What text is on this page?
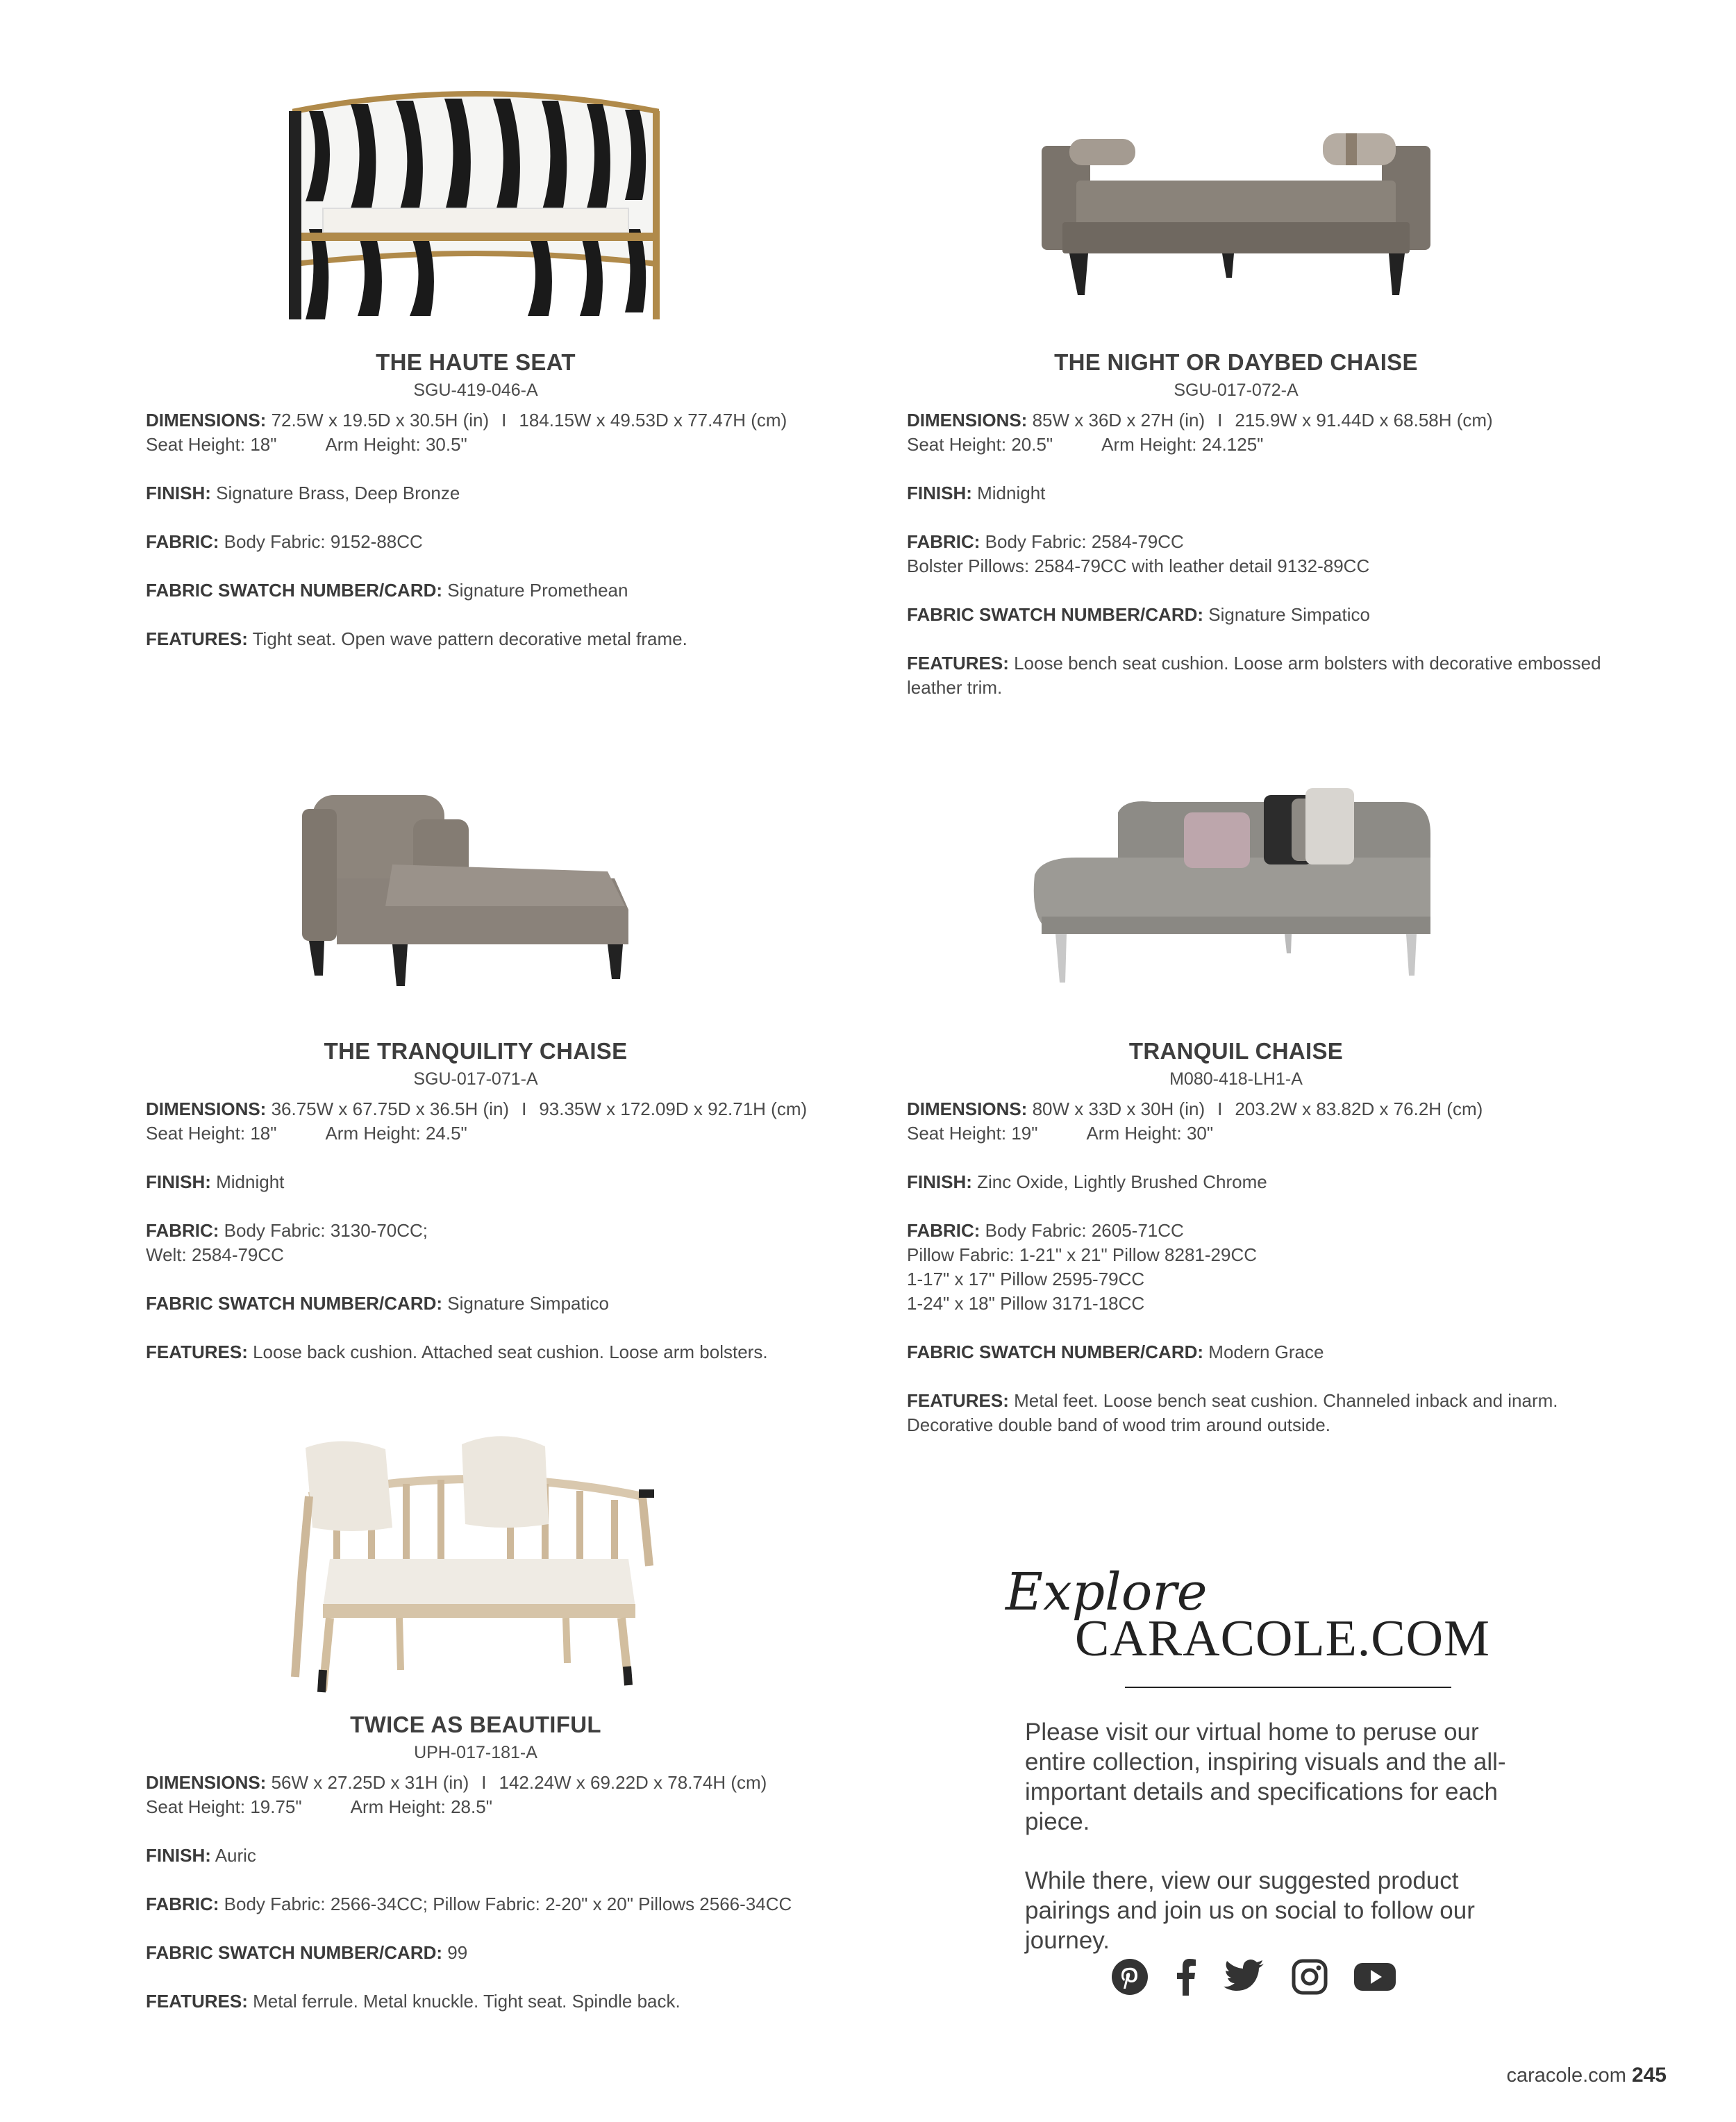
THE HAUTE SEAT
SGU-419-046-A

DIMENSIONS: 72.5W x 19.5D x 30.5H (in) I 184.15W x 49.53D x 77.47H (cm)
Seat Height: 18"	Arm Height: 30.5"

FINISH: Signature Brass, Deep Bronze

FABRIC: Body Fabric: 9152-88CC

FABRIC SWATCH NUMBER/CARD: Signature Promethean

FEATURES: Tight seat. Open wave pattern decorative metal frame.

THE NIGHT OR DAYBED CHAISE
SGU-017-072-A

DIMENSIONS: 85W x 36D x 27H (in) I 215.9W x 91.44D x 68.58H (cm)
Seat Height: 20.5"	Arm Height: 24.125"

FINISH: Midnight

FABRIC: Body Fabric: 2584-79CC
Bolster Pillows: 2584-79CC with leather detail 9132-89CC

FABRIC SWATCH NUMBER/CARD: Signature Simpatico

FEATURES: Loose bench seat cushion. Loose arm bolsters with decorative embossed leather trim.

THE TRANQUILITY CHAISE
SGU-017-071-A

DIMENSIONS: 36.75W x 67.75D x 36.5H (in) I 93.35W x 172.09D x 92.71H (cm)
Seat Height: 18"	Arm Height: 24.5"

FINISH: Midnight

FABRIC: Body Fabric: 3130-70CC;
Welt: 2584-79CC

FABRIC SWATCH NUMBER/CARD: Signature Simpatico

FEATURES: Loose back cushion. Attached seat cushion. Loose arm bolsters.

TRANQUIL CHAISE
M080-418-LH1-A

DIMENSIONS: 80W x 33D x 30H (in) I 203.2W x 83.82D x 76.2H (cm)
Seat Height: 19"	Arm Height: 30"

FINISH: Zinc Oxide, Lightly Brushed Chrome

FABRIC: Body Fabric: 2605-71CC
Pillow Fabric: 1-21" x 21" Pillow 8281-29CC
1-17" x 17" Pillow 2595-79CC
1-24" x 18" Pillow 3171-18CC

FABRIC SWATCH NUMBER/CARD: Modern Grace

FEATURES: Metal feet. Loose bench seat cushion. Channeled inback and inarm. Decorative double band of wood trim around outside.

TWICE AS BEAUTIFUL
UPH-017-181-A

DIMENSIONS: 56W x 27.25D x 31H (in) I 142.24W x 69.22D x 78.74H (cm)
Seat Height: 19.75"	Arm Height: 28.5"

FINISH: Auric

FABRIC: Body Fabric: 2566-34CC; Pillow Fabric: 2-20" x 20" Pillows 2566-34CC

FABRIC SWATCH NUMBER/CARD: 99

FEATURES: Metal ferrule. Metal knuckle. Tight seat. Spindle back.

Explore
CARACOLE.COM

Please visit our virtual home to peruse our entire collection, inspiring visuals and the all-important details and specifications for each piece.

While there, view our suggested product pairings and join us on social to follow our journey.

caracole.com 245
